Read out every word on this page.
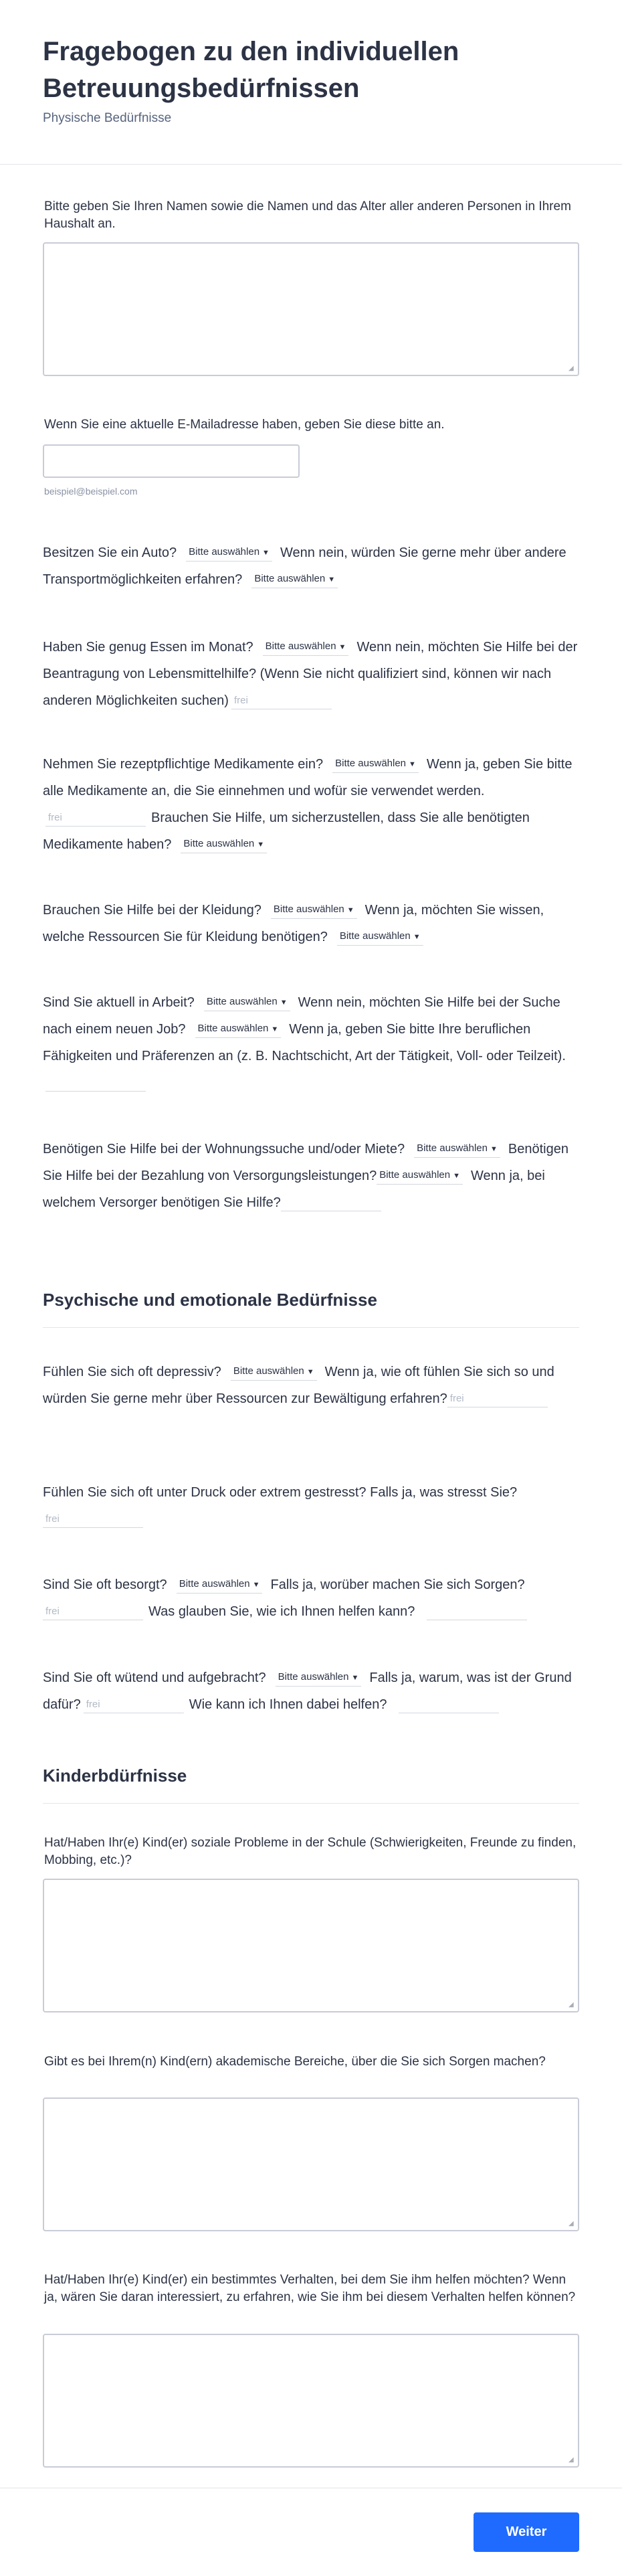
Fragebogen zu den individuellen Betreuungsbedürfnissen
Physische Bedürfnisse
Bitte geben Sie Ihren Namen sowie die Namen und das Alter aller anderen Personen in Ihrem Haushalt an.
◢
Wenn Sie eine aktuelle E-Mailadresse haben, geben Sie diese bitte an.
beispiel@beispiel.com
Besitzen Sie ein Auto? Bitte auswählen ▼ Wenn nein, würden Sie gerne mehr über andere Transportmöglichkeiten erfahren? Bitte auswählen ▼
Haben Sie genug Essen im Monat? Bitte auswählen ▼ Wenn nein, möchten Sie Hilfe bei der Beantragung von Lebensmittelhilfe? (Wenn Sie nicht qualifiziert sind, können wir nach anderen Möglichkeiten suchen) frei
Nehmen Sie rezeptpflichtige Medikamente ein? Bitte auswählen ▼ Wenn ja, geben Sie bitte alle Medikamente an, die Sie einnehmen und wofür sie verwendet werden.frei	Brauchen Sie Hilfe, um sicherzustellen, dass Sie alle benötigten Medikamente haben? Bitte auswählen ▼
Brauchen Sie Hilfe bei der Kleidung? Bitte auswählen ▼ Wenn ja, möchten Sie wissen, welche Ressourcen Sie für Kleidung benötigen? Bitte auswählen ▼
Sind Sie aktuell in Arbeit? Bitte auswählen ▼ Wenn nein, möchten Sie Hilfe bei der Suche nach einem neuen Job? Bitte auswählen ▼ Wenn ja, geben Sie bitte Ihre beruflichen Fähigkeiten und Präferenzen an (z. B. Nachtschicht, Art der Tätigkeit, Voll- oder Teilzeit).
Benötigen Sie Hilfe bei der Wohnungssuche und/oder Miete? Bitte auswählen ▼ Benötigen Sie Hilfe bei der Bezahlung von Versorgungsleistungen? Bitte auswählen ▼ Wenn ja, bei welchem Versorger benötigen Sie Hilfe?
Psychische und emotionale Bedürfnisse
Fühlen Sie sich oft depressiv? Bitte auswählen ▼ Wenn ja, wie oft fühlen Sie sich so und würden Sie gerne mehr über Ressourcen zur Bewältigung erfahren? frei
Fühlen Sie sich oft unter Druck oder extrem gestresst? Falls ja, was stresst Sie?frei
Sind Sie oft besorgt? Bitte auswählen ▼ Falls ja, worüber machen Sie sich Sorgen?frei	Was glauben Sie, wie ich Ihnen helfen kann?
Sind Sie oft wütend und aufgebracht? Bitte auswählen ▼ Falls ja, warum, was ist der Grund dafür? frei	Wie kann ich Ihnen dabei helfen?
Kinderbdürfnisse
Hat/Haben Ihr(e) Kind(er) soziale Probleme in der Schule (Schwierigkeiten, Freunde zu finden, Mobbing, etc.)?
◢
Gibt es bei Ihrem(n) Kind(ern) akademische Bereiche, über die Sie sich Sorgen machen?
◢
Hat/Haben Ihr(e) Kind(er) ein bestimmtes Verhalten, bei dem Sie ihm helfen möchten? Wenn ja, wären Sie daran interessiert, zu erfahren, wie Sie ihm bei diesem Verhalten helfen können?
◢
Weiter
